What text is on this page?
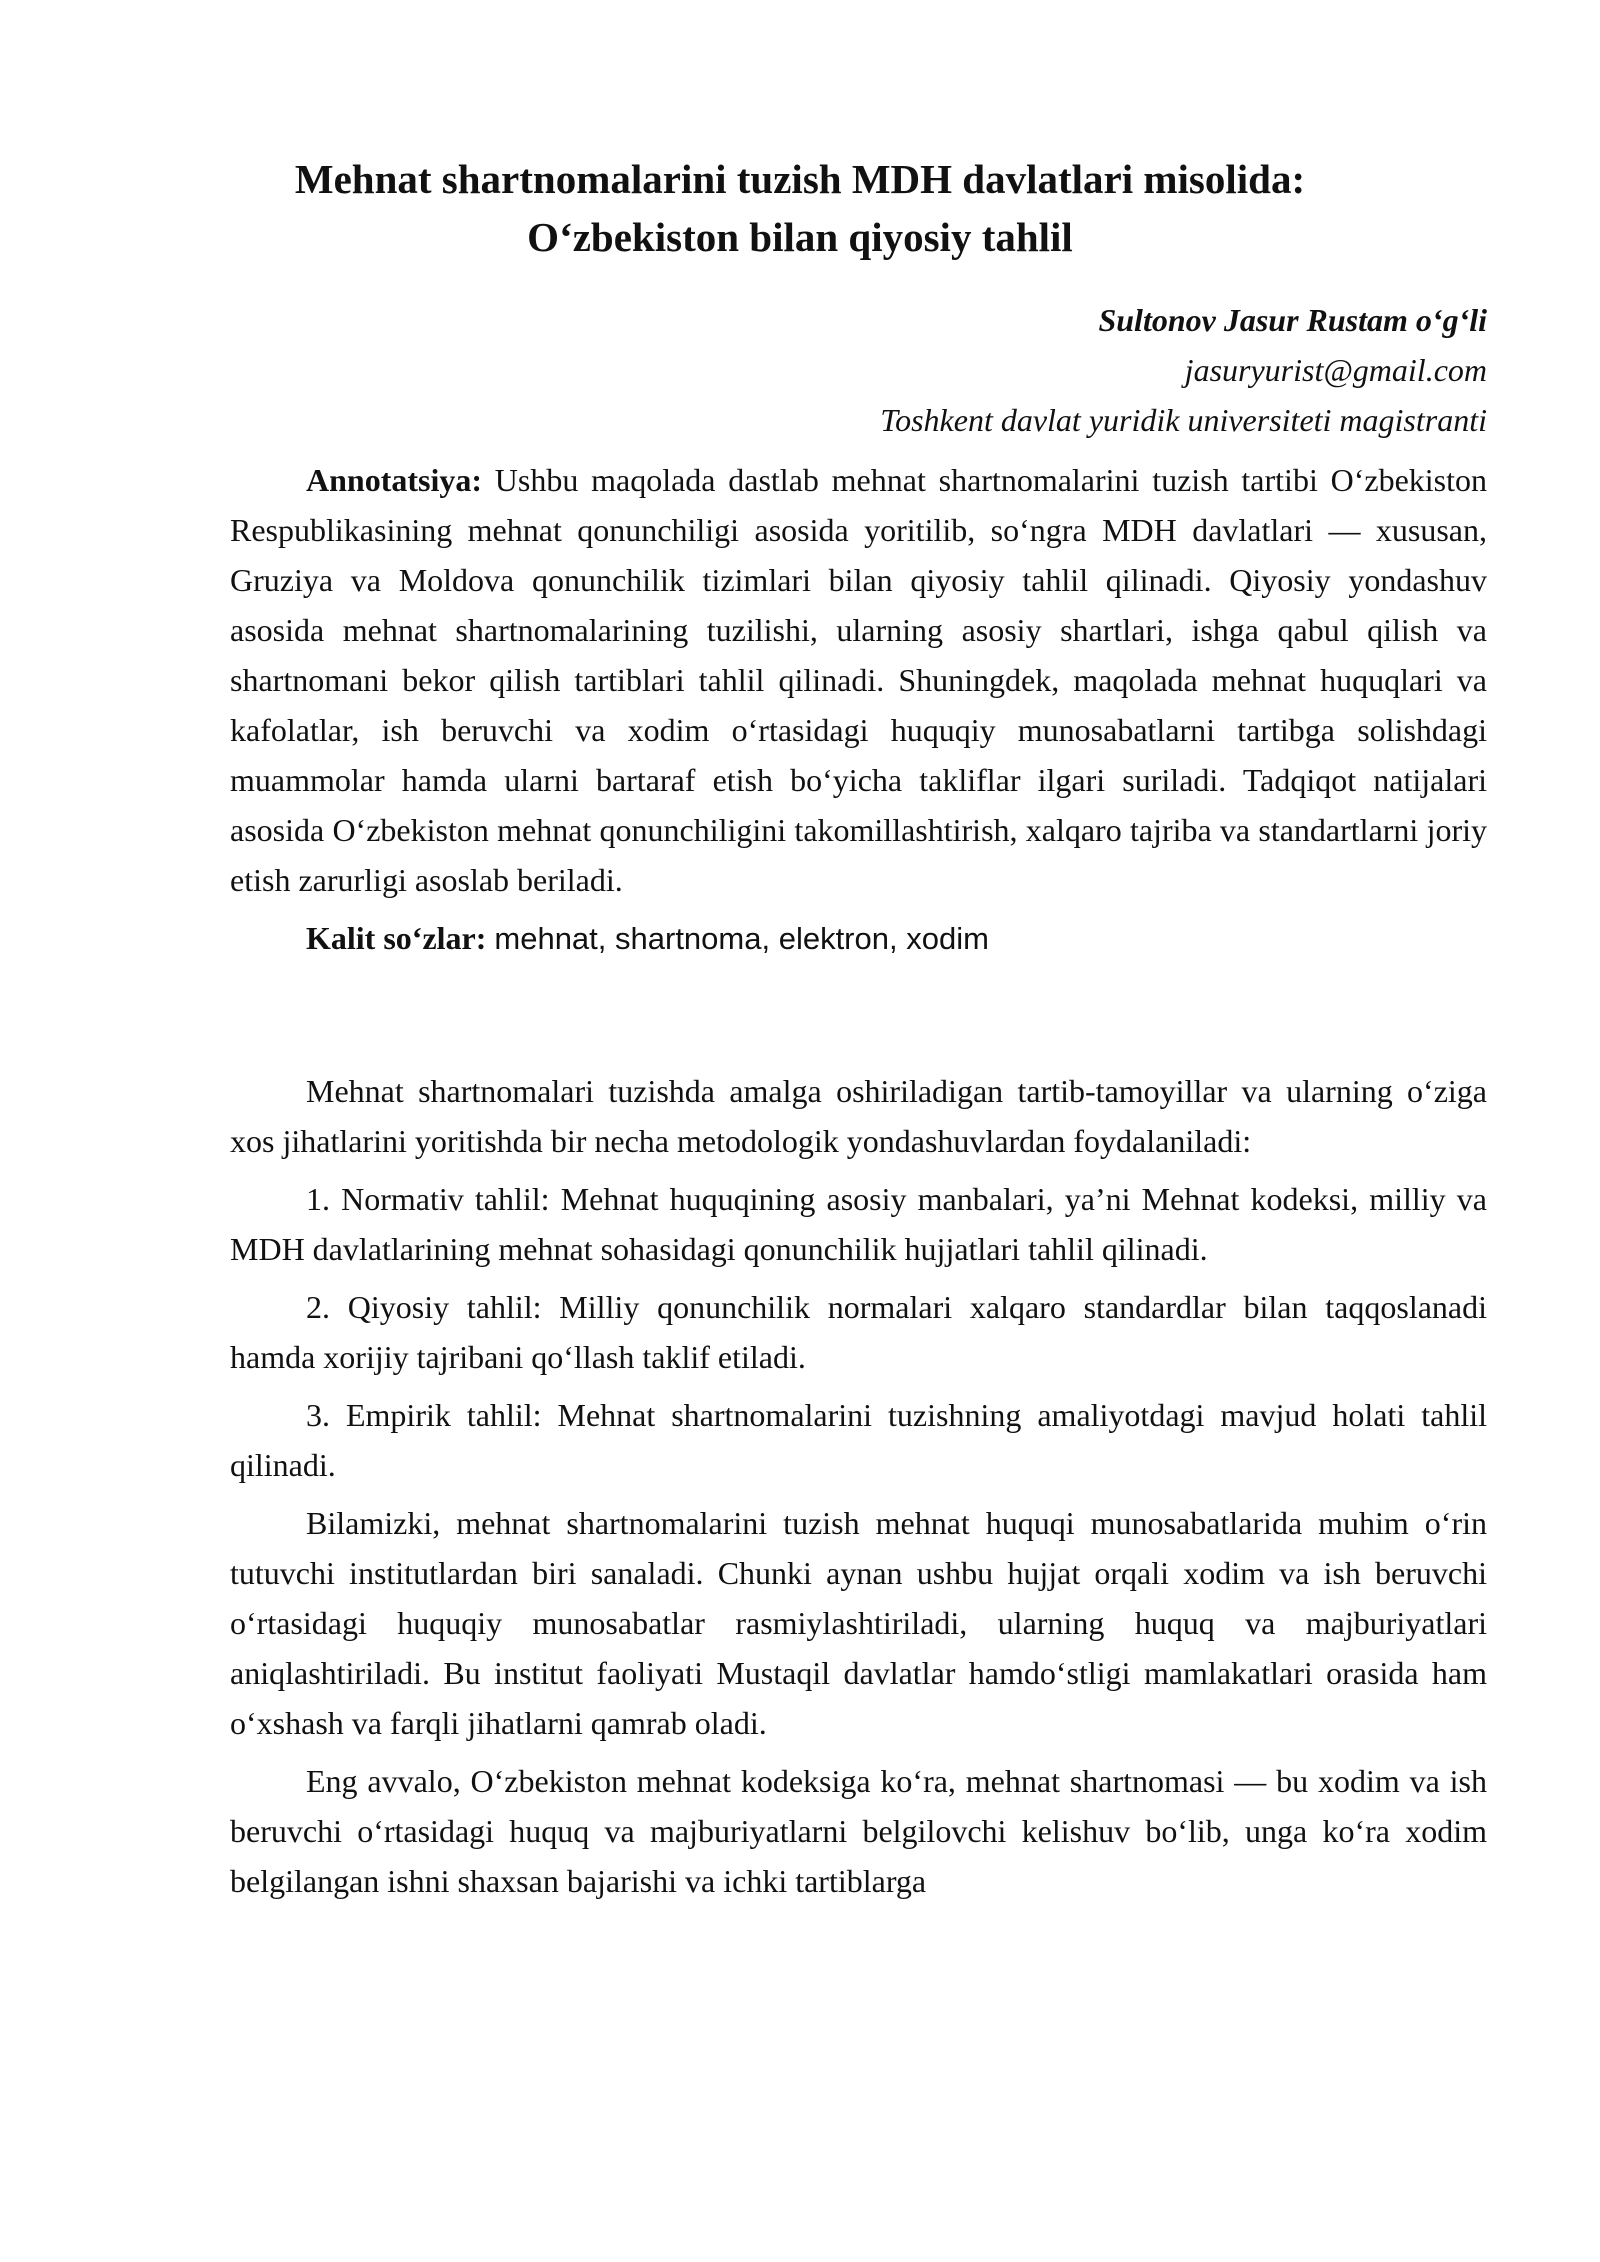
Mehnat shartnomalarini tuzish MDH davlatlari misolida:
O‘zbekiston bilan qiyosiy tahlil
Sultonov Jasur Rustam o‘g‘li
jasuryurist@gmail.com
Toshkent davlat yuridik universiteti magistranti

Annotatsiya: Ushbu maqolada dastlab mehnat shartnomalarini tuzish tartibi O‘zbekiston Respublikasining mehnat qonunchiligi asosida yoritilib, so‘ngra MDH davlatlari — xususan, Gruziya va Moldova qonunchilik tizimlari bilan qiyosiy tahlil qilinadi. Qiyosiy yondashuv asosida mehnat shartnomalarining tuzilishi, ularning asosiy shartlari, ishga qabul qilish va shartnomani bekor qilish tartiblari tahlil qilinadi. Shuningdek, maqolada mehnat huquqlari va kafolatlar, ish beruvchi va xodim o‘rtasidagi huquqiy munosabatlarni tartibga solishdagi muammolar hamda ularni bartaraf etish bo‘yicha takliflar ilgari suriladi. Tadqiqot natijalari asosida O‘zbekiston mehnat qonunchiligini takomillashtirish, xalqaro tajriba va standartlarni joriy etish zarurligi asoslab beriladi.

Kalit so‘zlar: mehnat, shartnoma, elektron, xodim

Mehnat shartnomalari tuzishda amalga oshiriladigan tartib-tamoyillar va ularning o‘ziga xos jihatlarini yoritishda bir necha metodologik yondashuvlardan foydalaniladi:

1. Normativ tahlil: Mehnat huquqining asosiy manbalari, ya’ni Mehnat kodeksi, milliy va MDH davlatlarining mehnat sohasidagi qonunchilik hujjatlari tahlil qilinadi.

2. Qiyosiy tahlil: Milliy qonunchilik normalari xalqaro standardlar bilan taqqoslanadi hamda xorijiy tajribani qo‘llash taklif etiladi.

3. Empirik tahlil: Mehnat shartnomalarini tuzishning amaliyotdagi mavjud holati tahlil qilinadi.

Bilamizki, mehnat shartnomalarini tuzish mehnat huquqi munosabatlarida muhim o‘rin tutuvchi institutlardan biri sanaladi. Chunki aynan ushbu hujjat orqali xodim va ish beruvchi o‘rtasidagi huquqiy munosabatlar rasmiylashtiriladi, ularning huquq va majburiyatlari aniqlashtiriladi. Bu institut faoliyati Mustaqil davlatlar hamdo‘stligi mamlakatlari orasida ham o‘xshash va farqli jihatlarni qamrab oladi.

Eng avvalo, O‘zbekiston mehnat kodeksiga ko‘ra, mehnat shartnomasi — bu xodim va ish beruvchi o‘rtasidagi huquq va majburiyatlarni belgilovchi kelishuv bo‘lib, unga ko‘ra xodim belgilangan ishni shaxsan bajarishi va ichki tartiblarga
